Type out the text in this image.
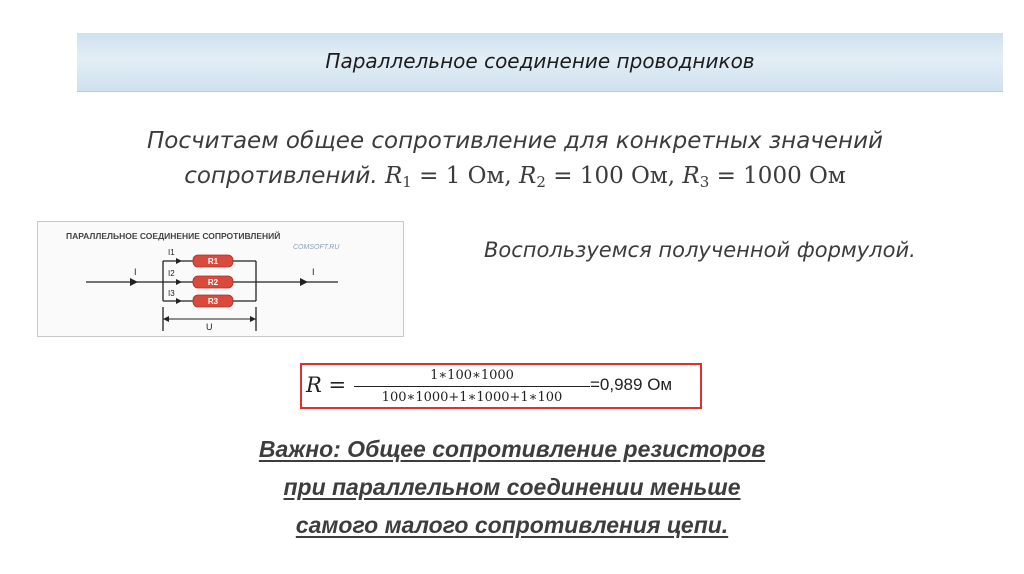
Параллельное соединение проводников
Посчитаем общее сопротивление для конкретных значений
сопротивлений. $R_1 = 1$ Ом, $R_2 = 100$ Ом, $R_3 = 1000$ Ом
ПАРАЛЛЕЛЬНОЕ СОЕДИНЕНИЕ СОПРОТИВЛЕНИЙ
COMSOFT.RU
R1
R2
R3
I1
I2
I3
I	I
U
Воспользуемся полученной формулой.
R =	1∗100∗1000
100∗1000+1∗1000+1∗100
=0,989 Ом
Важно: Общее сопротивление резисторов
при параллельном соединении меньше
самого малого сопротивления цепи.
